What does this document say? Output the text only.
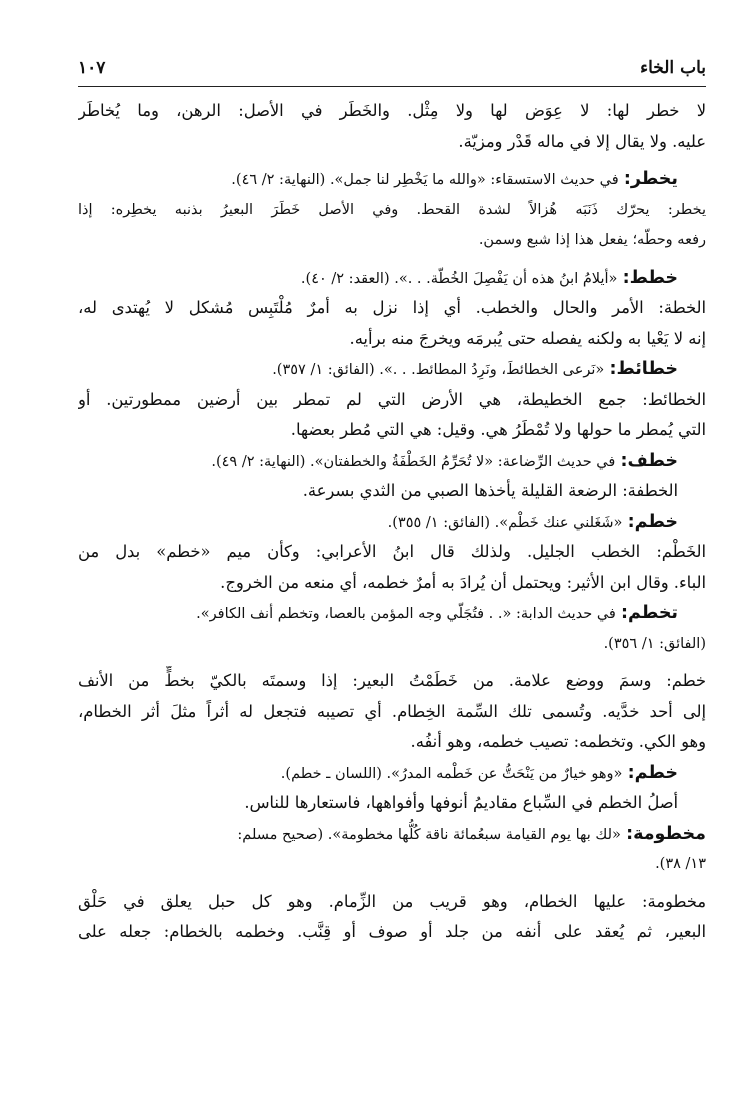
باب الخاء
١٠٧
لا خطر لها: لا عِوَض لها ولا مِثْل. والخَطَر في الأصل: الرهن، وما يُخاطَر
عليه. ولا يقال إلا في ماله قَدْر ومزيّة.
يخطر: في حديث الاستسقاء: «والله ما يَخْطِر لنا جمل». (النهاية: ٢/ ٤٦).
يخطر: يحرّك ذَنَبَه هُزالاً لشدة القحط. وفي الأصل خَطَرَ البعيرُ بذنبه يخطِره: إذا
رفعه وحطّه؛ يفعل هذا إذا شبع وسمن.
خطط: «أيلامُ ابنُ هذه أن يَفْصِلَ الخُطّة. . .». (العقد: ٢/ ٤٠).
الخطة: الأمر والحال والخطب. أي إذا نزل به أمرٌ مُلْتَبِس مُشكل لا يُهتدى له،
إنه لا يَعْيا به ولكنه يفصله حتى يُبرمَه ويخرجَ منه برأيه.
خطائط: «نَرعى الخطائطَ، ونَرِدُ المطائط. . .». (الفائق: ١/ ٣٥٧).
الخطائط: جمع الخطيطة، هي الأرض التي لم تمطر بين أرضين ممطورتين. أو
التي يُمطر ما حولها ولا تُمْطَرُ هي. وقيل: هي التي مُطر بعضها.
خطف: في حديث الرِّضاعة: «لا تُحَرِّمُ الخَطْفَةُ والخطفتان». (النهاية: ٢/ ٤٩).
الخطفة: الرضعة القليلة يأخذها الصبي من الثدي بسرعة.
خطم: «شَغَلني عنك خَطْم». (الفائق: ١/ ٣٥٥).
الخَطْم: الخطب الجليل. ولذلك قال ابنُ الأعرابي: وكأن ميم «خطم» بدل من
الباء. وقال ابن الأثير: ويحتمل أن يُرادَ به أمرٌ خطمه، أي منعه من الخروج.
تخطم: في حديث الدابة: «. . فتُجَلّي وجه المؤمن بالعصا، وتخطم أنف الكافر».
(الفائق: ١/ ٣٥٦).
خطم: وسمَ ووضع علامة. من خَطَمْتُ البعير: إذا وسمتَه بالكيّ بخطٍّ من الأنف
إلى أحد خدَّيه. وتُسمى تلك السِّمة الخِطام. أي تصيبه فتجعل له أثراً مثلَ أثر الخطام،
وهو الكي. وتخطمه: تصيب خطمه، وهو أنفُه.
خطم: «وهو خيارٌ من يَنْحَتُّ عن خَطْمه المدرُ». (اللسان ـ خطم).
أصلُ الخطم في السِّباع مقاديمُ أنوفها وأفواهها، فاستعارها للناس.
مخطومة: «لك بها يوم القيامة سبعُمائة ناقة كُلُّها مخطومة». (صحيح مسلم:
١٣/ ٣٨).
مخطومة: عليها الخطام، وهو قريب من الزِّمام. وهو كل حبل يعلق في حَلْق
البعير، ثم يُعقد على أنفه من جلد أو صوف أو قِنَّب. وخطمه بالخطام: جعله على
